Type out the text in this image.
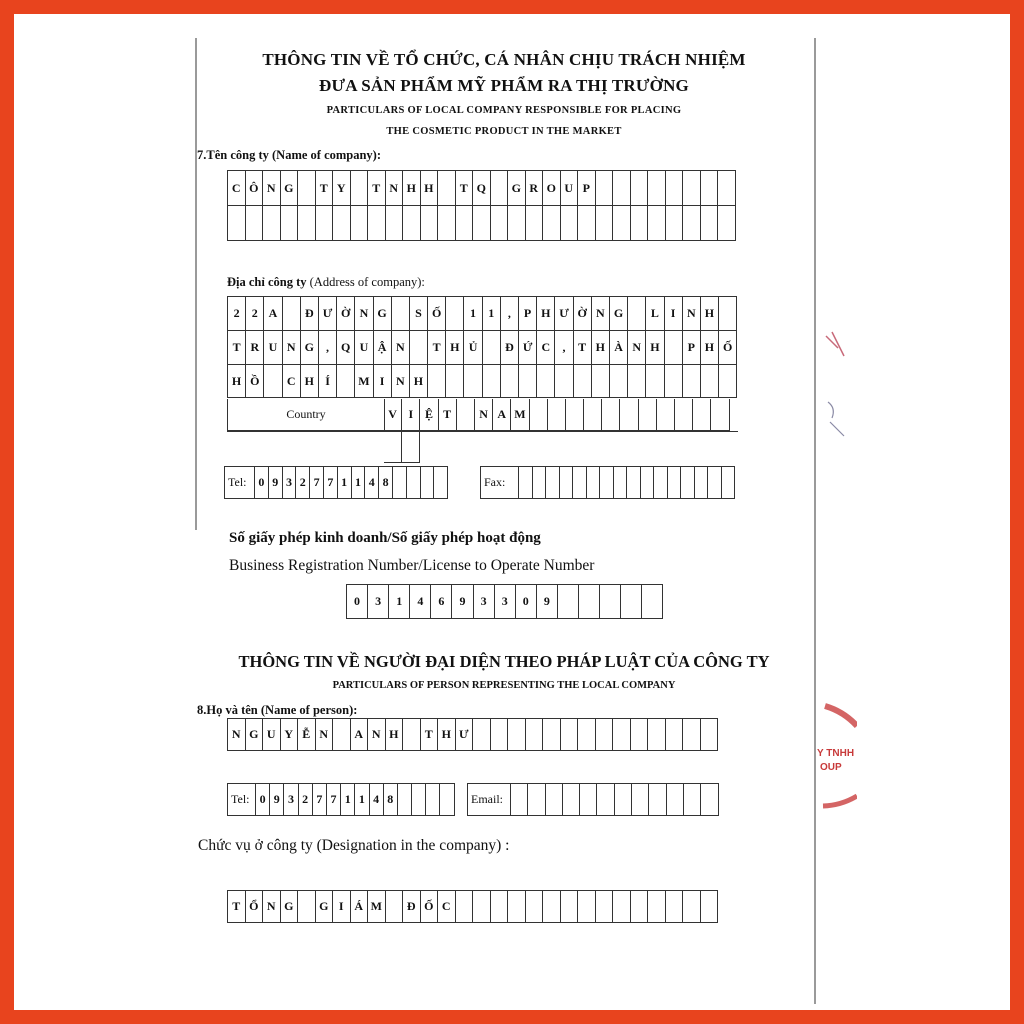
THÔNG TIN VỀ TỔ CHỨC, CÁ NHÂN CHỊU TRÁCH NHIỆM
ĐƯA SẢN PHẨM MỸ PHẨM RA THỊ TRƯỜNG
PARTICULARS OF LOCAL COMPANY RESPONSIBLE FOR PLACING
THE COSMETIC PRODUCT IN THE MARKET
7.Tên công ty (Name of company):
C Ô N G	T Y	T N H H	T Q	G R O U P
Địa chỉ công ty (Address of company):
2	2 A	Đ Ư Ờ N G	S Ố	1	1	,	P H Ư Ờ N G	L I N H
T R U N G	,	Q U Ậ N	T H Ủ	Đ Ứ C	,	T H À N H	P H Ố
H Ồ	C H Í	M I N H
Country	V I Ệ T	N A M
Tel: 0 9 3 2 7 7 1 1 4 8	Fax:
Số giấy phép kinh doanh/Số giấy phép hoạt động
Business Registration Number/License to Operate Number
0	3	1	4	6	9	3	3	0	9
THÔNG TIN VỀ NGƯỜI ĐẠI DIỆN THEO PHÁP LUẬT CỦA CÔNG TY
PARTICULARS OF PERSON REPRESENTING THE LOCAL COMPANY
8.Họ và tên (Name of person):
N G U Y Ễ N	A N H	T H Ư
Tel: 0 9 3 2 7 7 1 1 4 8	Email:
Chức vụ ở công ty (Designation in the company) :
T Ổ N G	G I Á M	Đ Ố C
Y TNHH
OUP
